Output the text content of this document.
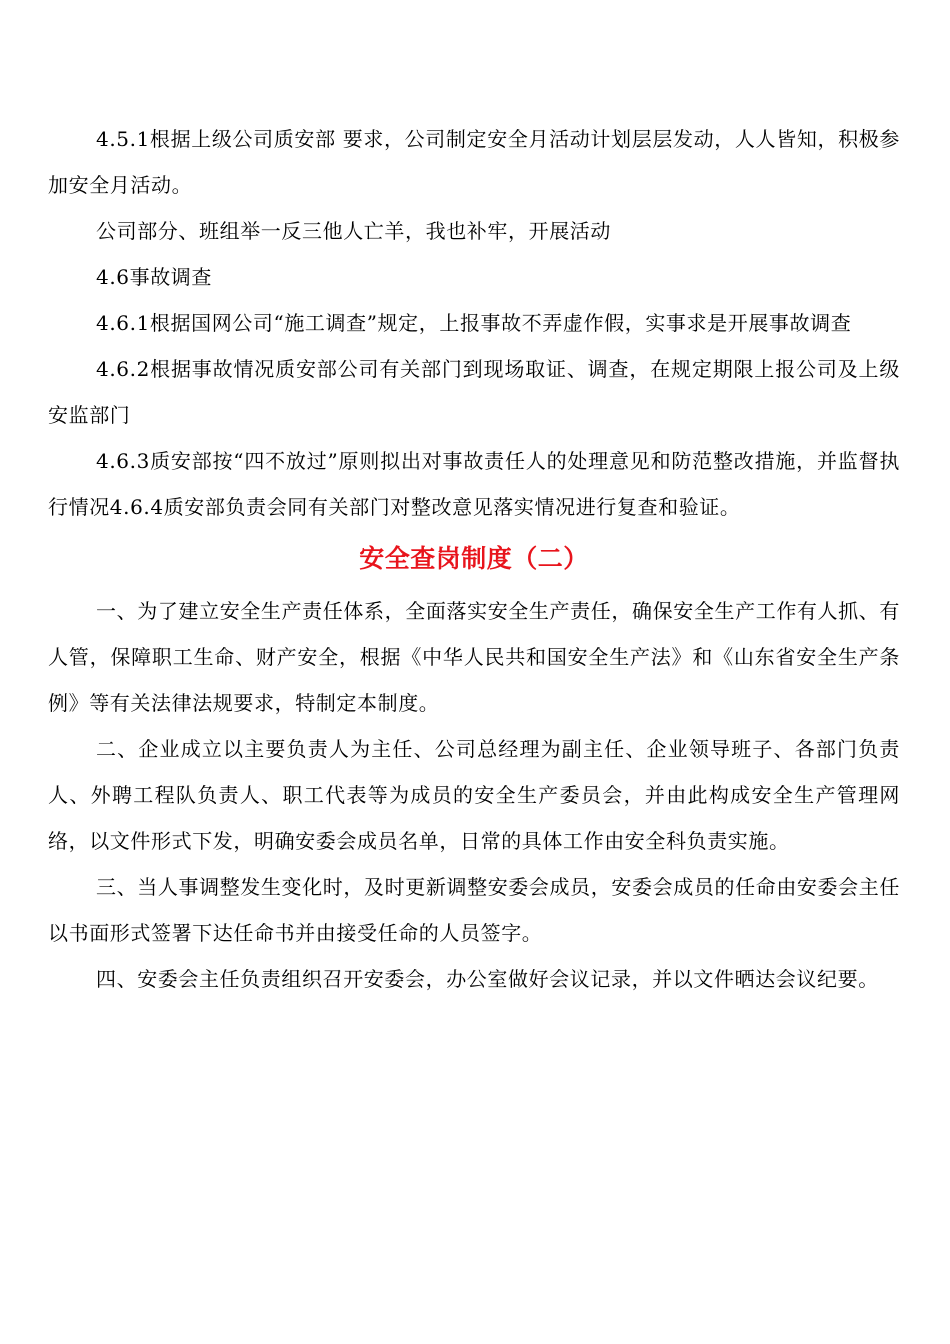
4.5.1根据上级公司质安部 要求，公司制定安全月活动计划层层发动，人人皆知，积极参加安全月活动。

公司部分、班组举一反三他人亡羊，我也补牢，开展活动

4.6事故调查

4.6.1根据国网公司“施工调查”规定，上报事故不弄虚作假，实事求是开展事故调查

4.6.2根据事故情况质安部公司有关部门到现场取证、调查，在规定期限上报公司及上级安监部门

4.6.3质安部按“四不放过”原则拟出对事故责任人的处理意见和防范整改措施，并监督执行情况4.6.4质安部负责会同有关部门对整改意见落实情况进行复查和验证。

安全查岗制度（二）

一、为了建立安全生产责任体系，全面落实安全生产责任，确保安全生产工作有人抓、有人管，保障职工生命、财产安全，根据《中华人民共和国安全生产法》和《山东省安全生产条例》等有关法律法规要求，特制定本制度。

二、企业成立以主要负责人为主任、公司总经理为副主任、企业领导班子、各部门负责人、外聘工程队负责人、职工代表等为成员的安全生产委员会，并由此构成安全生产管理网络，以文件形式下发，明确安委会成员名单，日常的具体工作由安全科负责实施。

三、当人事调整发生变化时，及时更新调整安委会成员，安委会成员的任命由安委会主任以书面形式签署下达任命书并由接受任命的人员签字。

四、安委会主任负责组织召开安委会，办公室做好会议记录，并以文件晒达会议纪要。
